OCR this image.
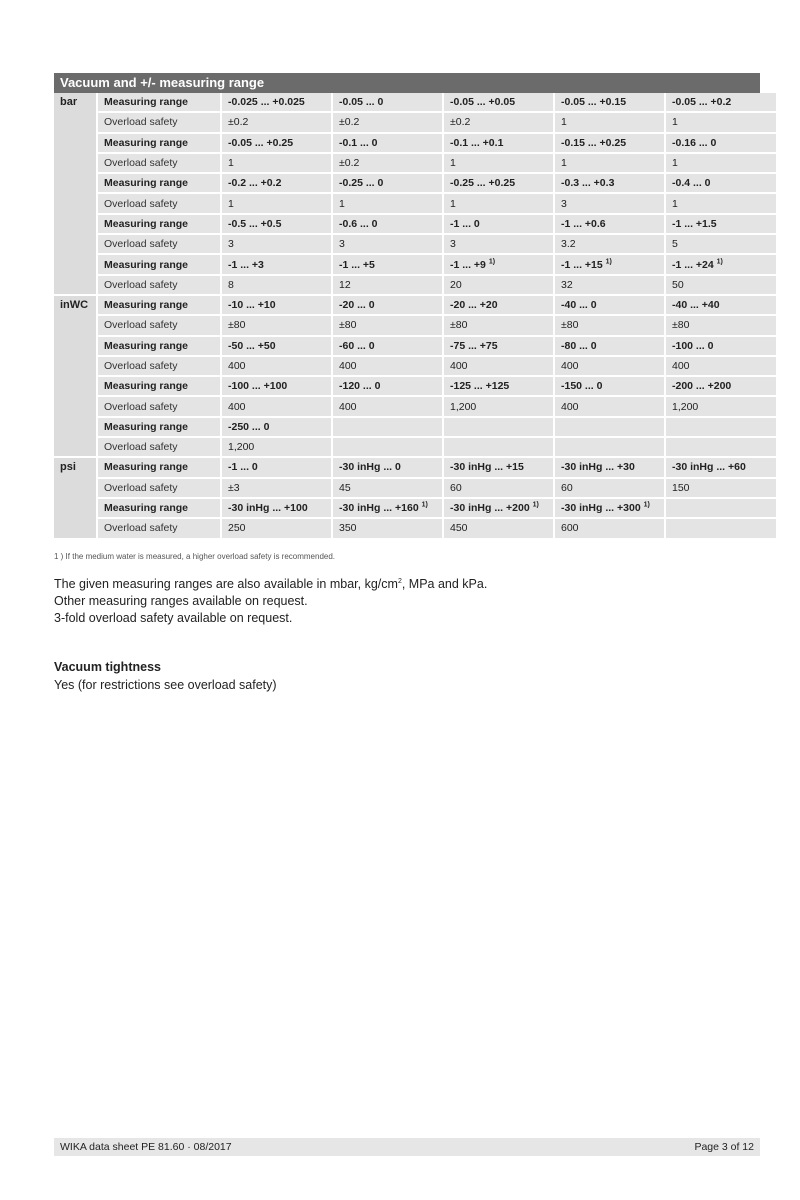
Vacuum and +/- measuring range
bar	Measuring range	-0.025 ... +0.025	-0.05 ... 0	-0.05 ... +0.05	-0.05 ... +0.15	-0.05 ... +0.2
	Overload safety	±0.2	±0.2	±0.2	1	1
	Measuring range	-0.05 ... +0.25	-0.1 ... 0	-0.1 ... +0.1	-0.15 ... +0.25	-0.16 ... 0
	Overload safety	1	±0.2	1	1	1
	Measuring range	-0.2 ... +0.2	-0.25 ... 0	-0.25 ... +0.25	-0.3 ... +0.3	-0.4 ... 0
	Overload safety	1	1	1	3	1
	Measuring range	-0.5 ... +0.5	-0.6 ... 0	-1 ... 0	-1 ... +0.6	-1 ... +1.5
	Overload safety	3	3	3	3.2	5
	Measuring range	-1 ... +3	-1 ... +5	-1 ... +9 $^{1)}$	-1 ... +15 $^{1)}$	-1 ... +24 $^{1)}$
	Overload safety	8	12	20	32	50
inWC	Measuring range	-10 ... +10	-20 ... 0	-20 ... +20	-40 ... 0	-40 ... +40
	Overload safety	±80	±80	±80	±80	±80
	Measuring range	-50 ... +50	-60 ... 0	-75 ... +75	-80 ... 0	-100 ... 0
	Overload safety	400	400	400	400	400
	Measuring range	-100 ... +100	-120 ... 0	-125 ... +125	-150 ... 0	-200 ... +200
	Overload safety	400	400	1,200	400	1,200
	Measuring range	-250 ... 0				
	Overload safety	1,200				
psi	Measuring range	-1 ... 0	-30 inHg ... 0	-30 inHg ... +15	-30 inHg ... +30	-30 inHg ... +60
	Overload safety	±3	45	60	60	150
	Measuring range	-30 inHg ... +100	-30 inHg ... +160 $^{1)}$	-30 inHg ... +200 $^{1)}$	-30 inHg ... +300 $^{1)}$	
	Overload safety	250	350	450	600	
1 ) If the medium water is measured, a higher overload safety is recommended.
The given measuring ranges are also available in mbar, $kg/cm^2$, MPa and kPa.
Other measuring ranges available on request.
3-fold overload safety available on request.
Vacuum tightness
Yes (for restrictions see overload safety)
WIKA data sheet PE 81.60 · 08/2017	Page 3 of 12
